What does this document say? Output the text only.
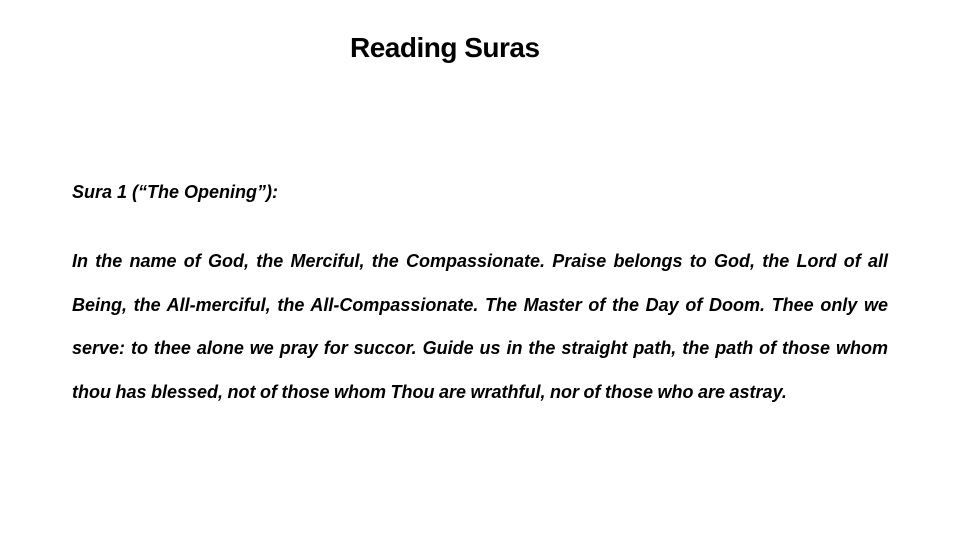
Reading Suras
Sura 1 (“The Opening”):
In the name of God, the Merciful, the Compassionate. Praise belongs to God, the Lord of all Being, the All-merciful, the All-Compassionate. The Master of the Day of Doom. Thee only we serve: to thee alone we pray for succor. Guide us in the straight path, the path of those whom thou has blessed, not of those whom Thou are wrathful, nor of those who are astray.
